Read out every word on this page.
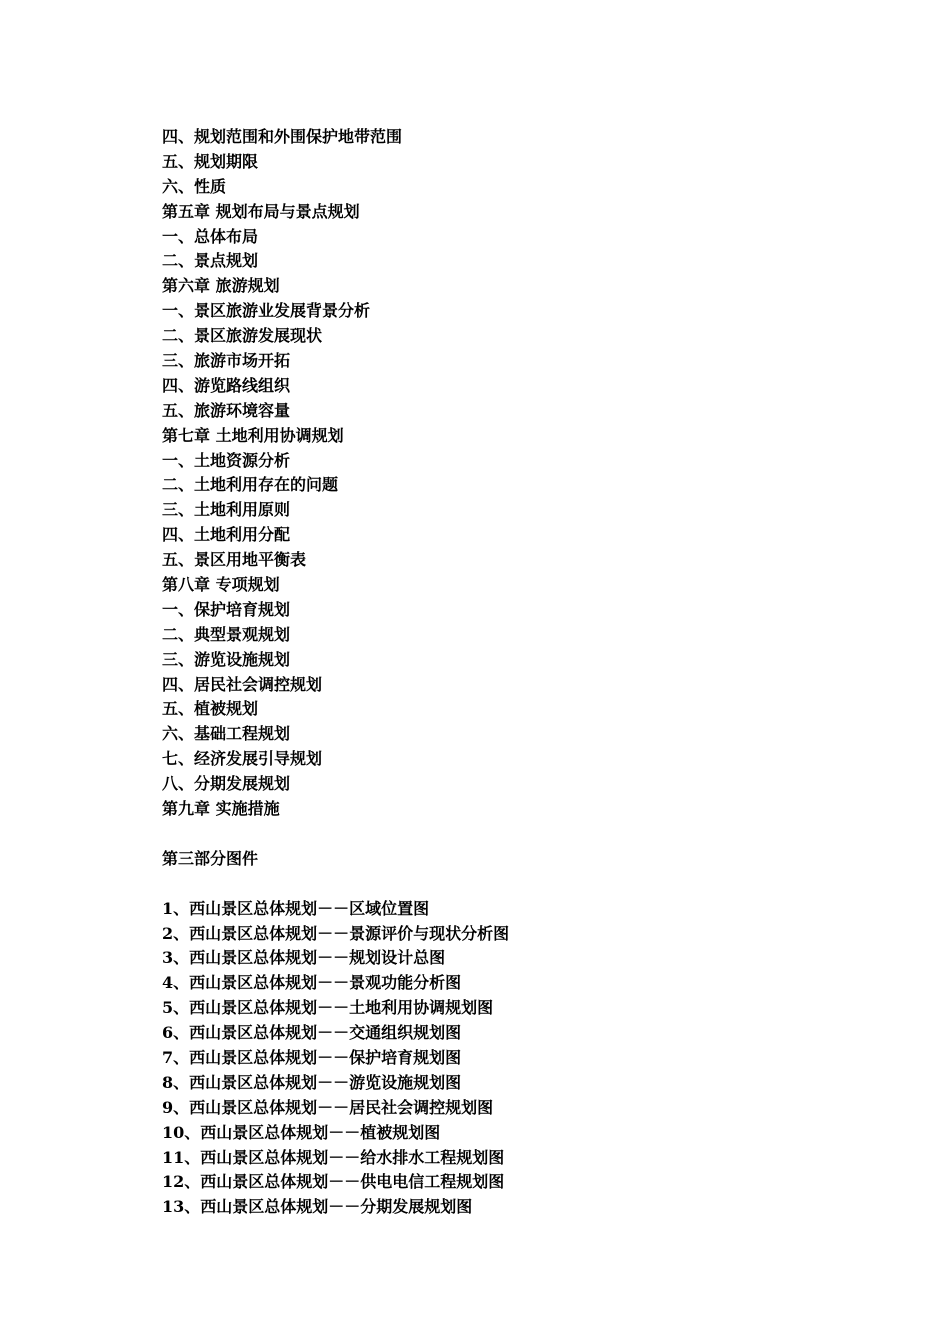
四、规划范围和外围保护地带范围
五、规划期限
六、性质
第五章 规划布局与景点规划
一、总体布局
二、景点规划
第六章 旅游规划
一、景区旅游业发展背景分析
二、景区旅游发展现状
三、旅游市场开拓
四、游览路线组织
五、旅游环境容量
第七章 土地利用协调规划
一、土地资源分析
二、土地利用存在的问题
三、土地利用原则
四、土地利用分配
五、景区用地平衡表
第八章 专项规划
一、保护培育规划
二、典型景观规划
三、游览设施规划
四、居民社会调控规划
五、植被规划
六、基础工程规划
七、经济发展引导规划
八、分期发展规划
第九章 实施措施
第三部分图件
1、西山景区总体规划－－区域位置图
2、西山景区总体规划－－景源评价与现状分析图
3、西山景区总体规划－－规划设计总图
4、西山景区总体规划－－景观功能分析图
5、西山景区总体规划－－土地利用协调规划图
6、西山景区总体规划－－交通组织规划图
7、西山景区总体规划－－保护培育规划图
8、西山景区总体规划－－游览设施规划图
9、西山景区总体规划－－居民社会调控规划图
10、西山景区总体规划－－植被规划图
11、西山景区总体规划－－给水排水工程规划图
12、西山景区总体规划－－供电电信工程规划图
13、西山景区总体规划－－分期发展规划图
